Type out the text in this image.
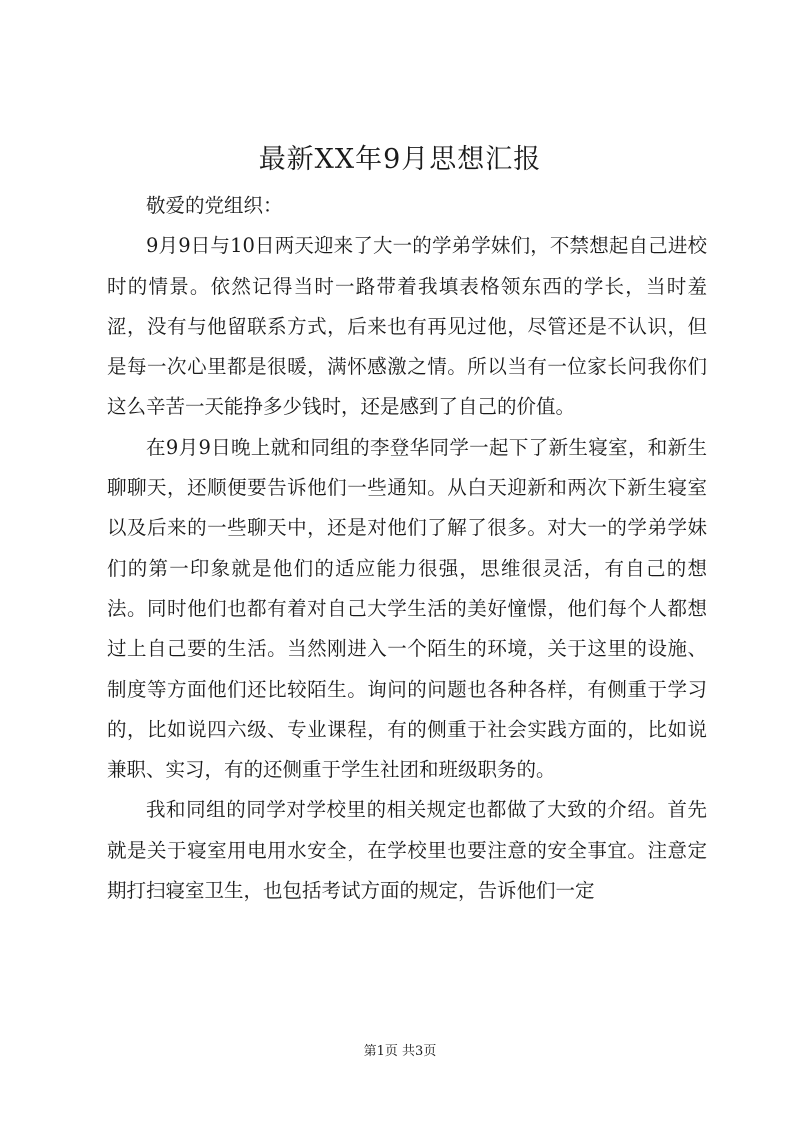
最新XX年9月思想汇报

敬爱的党组织：

9月9日与10日两天迎来了大一的学弟学妹们，不禁想起自己进校时的情景。依然记得当时一路带着我填表格领东西的学长，当时羞涩，没有与他留联系方式，后来也有再见过他，尽管还是不认识，但是每一次心里都是很暖，满怀感激之情。所以当有一位家长问我你们这么辛苦一天能挣多少钱时，还是感到了自己的价值。

在9月9日晚上就和同组的李登华同学一起下了新生寝室，和新生聊聊天，还顺便要告诉他们一些通知。从白天迎新和两次下新生寝室以及后来的一些聊天中，还是对他们了解了很多。对大一的学弟学妹们的第一印象就是他们的适应能力很强，思维很灵活，有自己的想法。同时他们也都有着对自己大学生活的美好憧憬，他们每个人都想过上自己要的生活。当然刚进入一个陌生的环境，关于这里的设施、制度等方面他们还比较陌生。询问的问题也各种各样，有侧重于学习的，比如说四六级、专业课程，有的侧重于社会实践方面的，比如说兼职、实习，有的还侧重于学生社团和班级职务的。

我和同组的同学对学校里的相关规定也都做了大致的介绍。首先就是关于寝室用电用水安全，在学校里也要注意的安全事宜。注意定期打扫寝室卫生，也包括考试方面的规定，告诉他们一定

第1页 共3页
